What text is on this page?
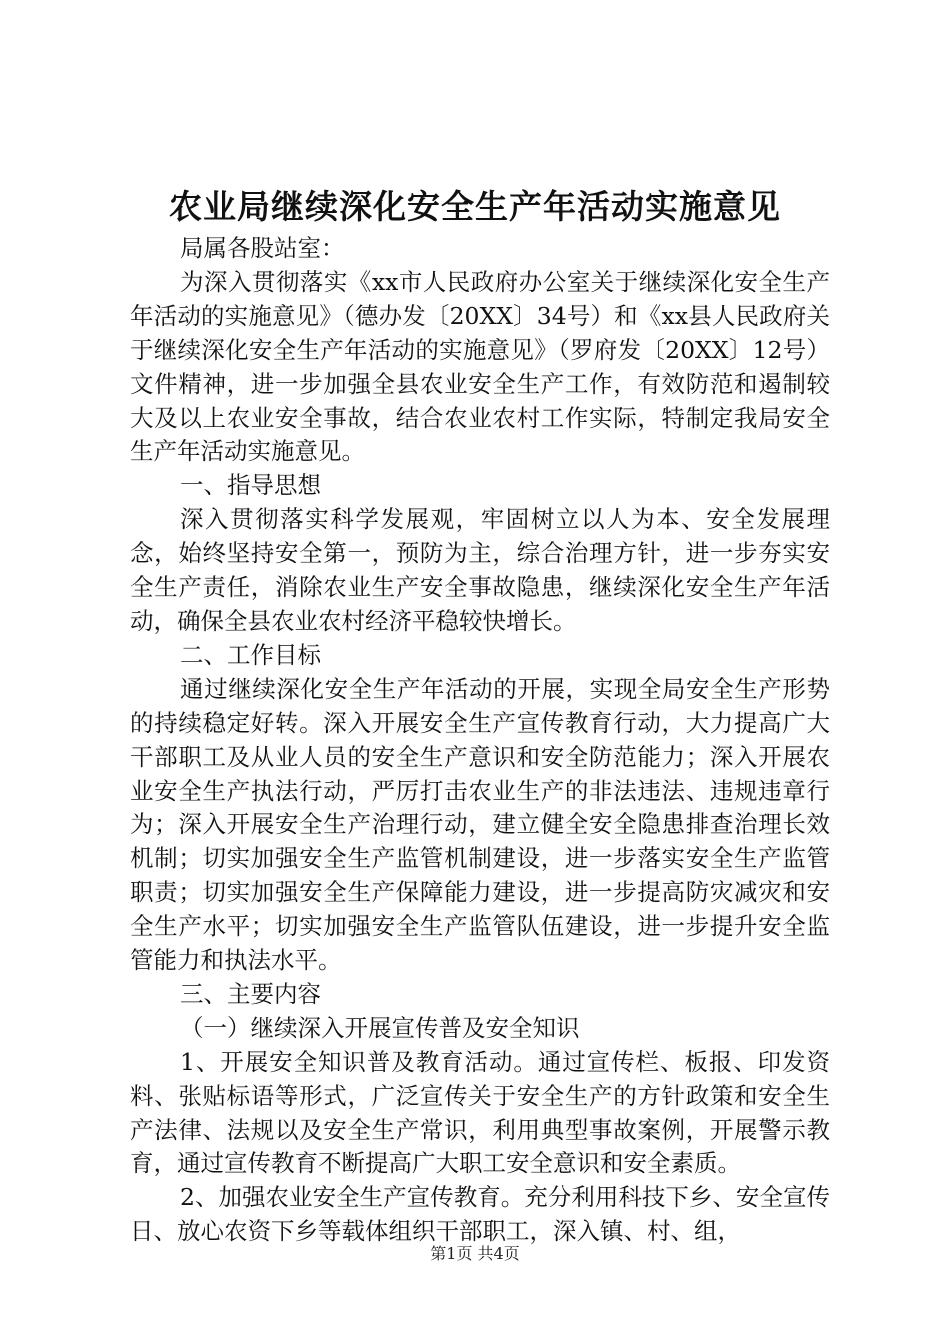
农业局继续深化安全生产年活动实施意见

局属各股站室：

为深入贯彻落实《xx市人民政府办公室关于继续深化安全生产年活动的实施意见》（德办发〔20XX〕34号）和《xx县人民政府关于继续深化安全生产年活动的实施意见》（罗府发〔20XX〕12号）文件精神，进一步加强全县农业安全生产工作，有效防范和遏制较大及以上农业安全事故，结合农业农村工作实际，特制定我局安全生产年活动实施意见。

一、指导思想

深入贯彻落实科学发展观，牢固树立以人为本、安全发展理念，始终坚持安全第一，预防为主，综合治理方针，进一步夯实安全生产责任，消除农业生产安全事故隐患，继续深化安全生产年活动，确保全县农业农村经济平稳较快增长。

二、工作目标

通过继续深化安全生产年活动的开展，实现全局安全生产形势的持续稳定好转。深入开展安全生产宣传教育行动，大力提高广大干部职工及从业人员的安全生产意识和安全防范能力；深入开展农业安全生产执法行动，严厉打击农业生产的非法违法、违规违章行为；深入开展安全生产治理行动，建立健全安全隐患排查治理长效机制；切实加强安全生产监管机制建设，进一步落实安全生产监管职责；切实加强安全生产保障能力建设，进一步提高防灾减灾和安全生产水平；切实加强安全生产监管队伍建设，进一步提升安全监管能力和执法水平。

三、主要内容

（一）继续深入开展宣传普及安全知识

1、开展安全知识普及教育活动。通过宣传栏、板报、印发资料、张贴标语等形式，广泛宣传关于安全生产的方针政策和安全生产法律、法规以及安全生产常识，利用典型事故案例，开展警示教育，通过宣传教育不断提高广大职工安全意识和安全素质。

2、加强农业安全生产宣传教育。充分利用科技下乡、安全宣传日、放心农资下乡等载体组织干部职工，深入镇、村、组，

第1页 共4页
